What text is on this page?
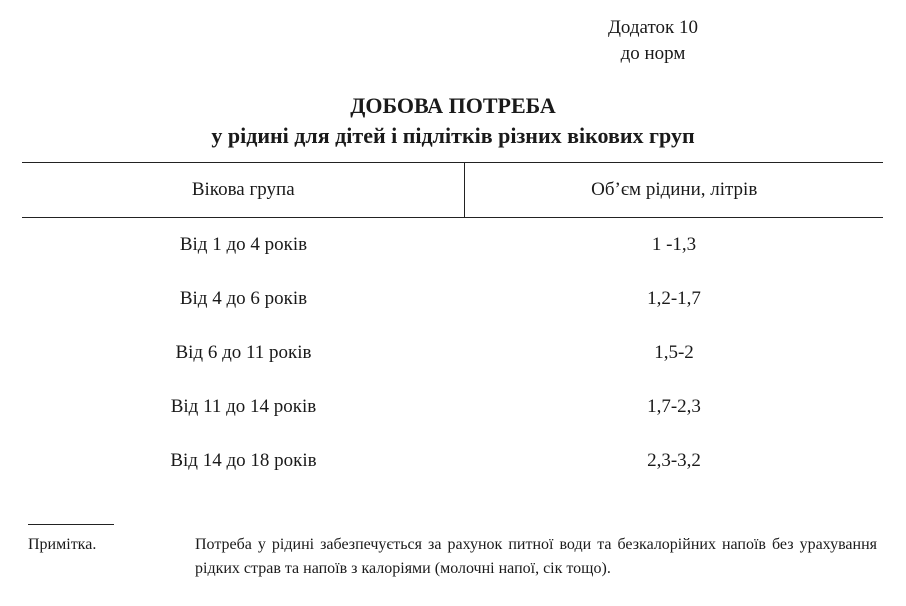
Додаток 10
до норм
ДОБОВА ПОТРЕБА
у рідині для дітей і підлітків різних вікових груп
Вікова група	Об’єм рідини, літрів
Від 1 до 4 років	1 -1,3
Від 4 до 6 років	1,2-1,7
Від 6 до 11 років	1,5-2
Від 11 до 14 років	1,7-2,3
Від 14 до 18 років	2,3-3,2
Примітка.	Потреба у рідині забезпечується за рахунок питної води та безкалорійних напоїв без урахування рідких страв та напоїв з калоріями (молочні напої, сік тощо).
